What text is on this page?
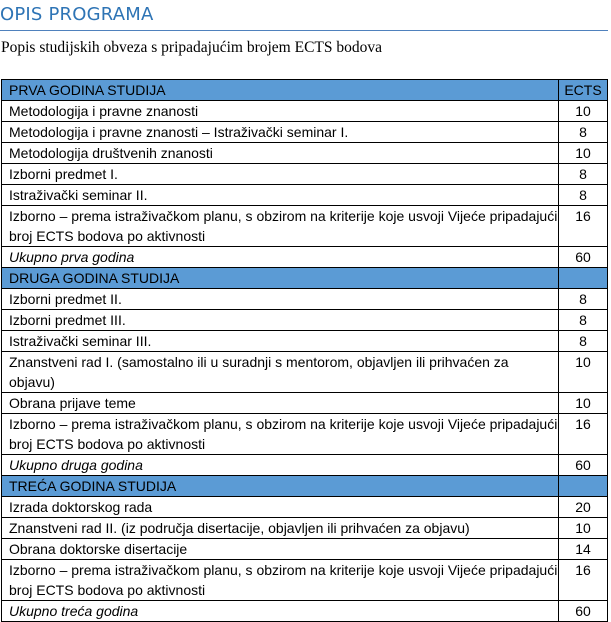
OPIS PROGRAMA
Popis studijskih obveza s pripadajućim brojem ECTS bodova
PRVA GODINA STUDIJA	ECTS
Metodologija i pravne znanosti	10
Metodologija i pravne znanosti – Istraživački seminar I.	8
Metodologija društvenih znanosti	10
Izborni predmet I.	8
Istraživački seminar II.	8
Izborno – prema istraživačkom planu, s obzirom na kriterije koje usvoji Vijeće pripadajući broj ECTS bodova po aktivnosti	16
Ukupno prva godina	60
DRUGA GODINA STUDIJA	
Izborni predmet II.	8
Izborni predmet III.	8
Istraživački seminar III.	8
Znanstveni rad I. (samostalno ili u suradnji s mentorom, objavljen ili prihvaćen za objavu)	10
Obrana prijave teme	10
Izborno – prema istraživačkom planu, s obzirom na kriterije koje usvoji Vijeće pripadajući broj ECTS bodova po aktivnosti	16
Ukupno druga godina	60
TREĆA GODINA STUDIJA	
Izrada doktorskog rada	20
Znanstveni rad II. (iz područja disertacije, objavljen ili prihvaćen za objavu)	10
Obrana doktorske disertacije	14
Izborno – prema istraživačkom planu, s obzirom na kriterije koje usvoji Vijeće pripadajući broj ECTS bodova po aktivnosti	16
Ukupno treća godina	60
